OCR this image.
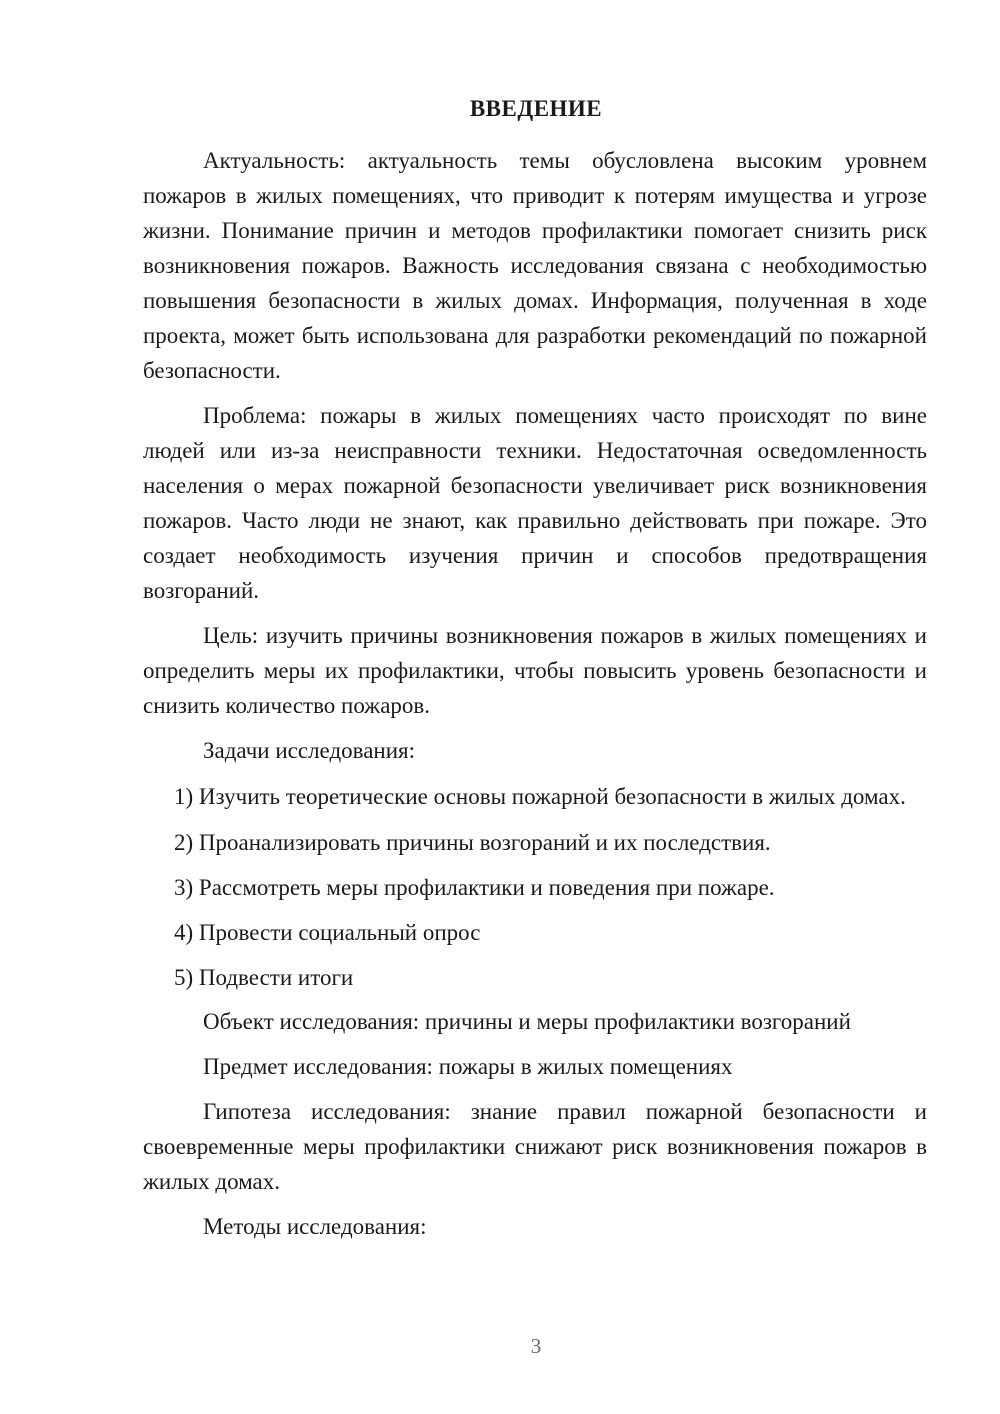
ВВЕДЕНИЕ

Актуальность: актуальность темы обусловлена высоким уровнем пожаров в жилых помещениях, что приводит к потерям имущества и угрозе жизни. Понимание причин и методов профилактики помогает снизить риск возникновения пожаров. Важность исследования связана с необходимостью повышения безопасности в жилых домах. Информация, полученная в ходе проекта, может быть использована для разработки рекомендаций по пожарной безопасности.

Проблема: пожары в жилых помещениях часто происходят по вине людей или из-за неисправности техники. Недостаточная осведомленность населения о мерах пожарной безопасности увеличивает риск возникновения пожаров. Часто люди не знают, как правильно действовать при пожаре. Это создает необходимость изучения причин и способов предотвращения возгораний.

Цель: изучить причины возникновения пожаров в жилых помещениях и определить меры их профилактики, чтобы повысить уровень безопасности и снизить количество пожаров.

Задачи исследования:

1) Изучить теоретические основы пожарной безопасности в жилых домах.

2) Проанализировать причины возгораний и их последствия.

3) Рассмотреть меры профилактики и поведения при пожаре.

4) Провести социальный опрос

5) Подвести итоги

Объект исследования: причины и меры профилактики возгораний

Предмет исследования: пожары в жилых помещениях

Гипотеза исследования: знание правил пожарной безопасности и своевременные меры профилактики снижают риск возникновения пожаров в жилых домах.

Методы исследования:

3
